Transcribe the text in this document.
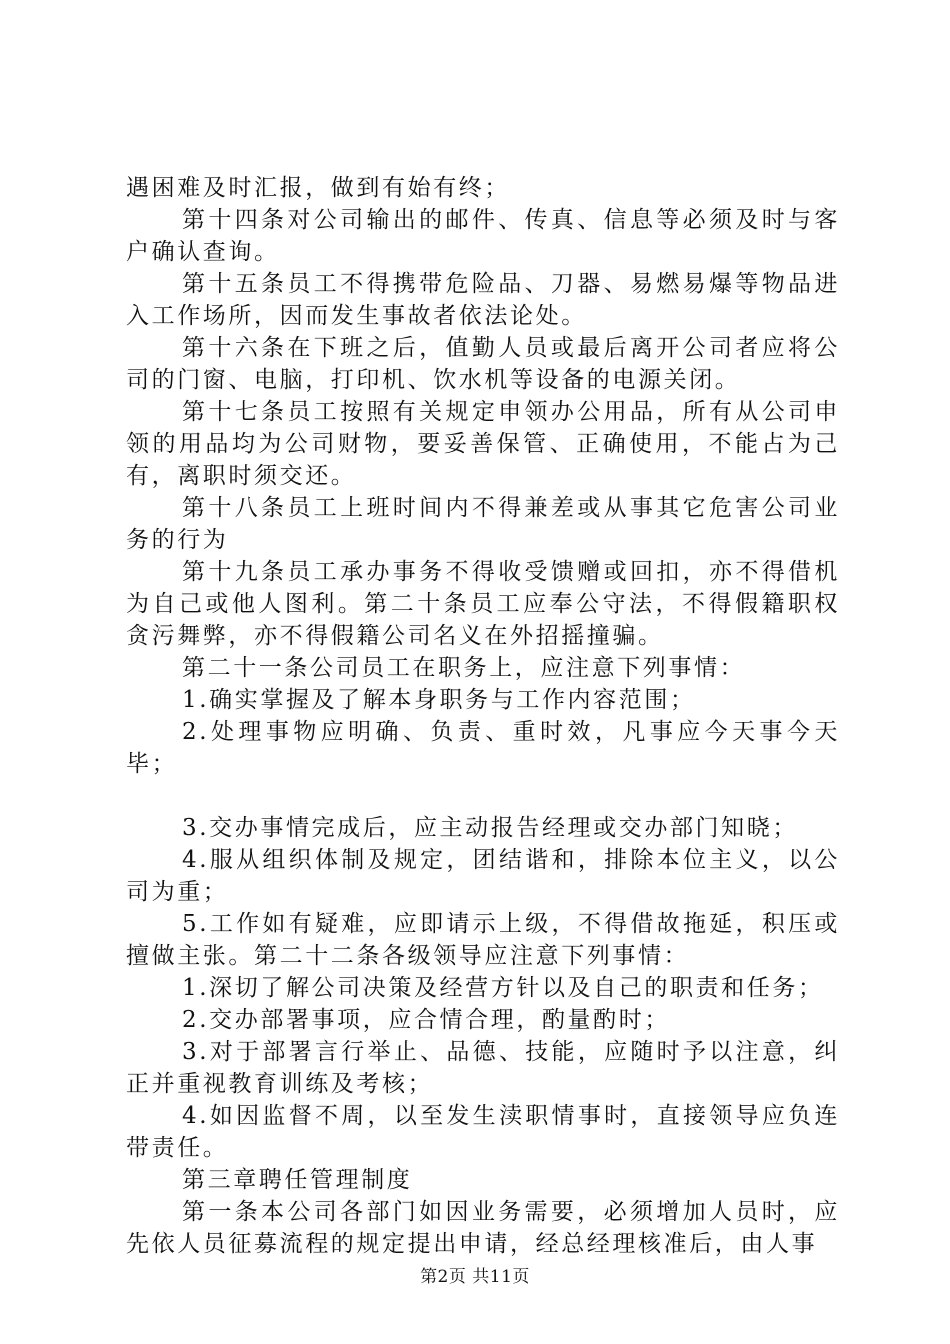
遇困难及时汇报，做到有始有终；

第十四条对公司输出的邮件、传真、信息等必须及时与客户确认查询。

第十五条员工不得携带危险品、刀器、易燃易爆等物品进入工作场所，因而发生事故者依法论处。

第十六条在下班之后，值勤人员或最后离开公司者应将公司的门窗、电脑，打印机、饮水机等设备的电源关闭。

第十七条员工按照有关规定申领办公用品，所有从公司申领的用品均为公司财物，要妥善保管、正确使用，不能占为己有，离职时须交还。

第十八条员工上班时间内不得兼差或从事其它危害公司业务的行为

第十九条员工承办事务不得收受馈赠或回扣，亦不得借机为自己或他人图利。第二十条员工应奉公守法，不得假籍职权贪污舞弊，亦不得假籍公司名义在外招摇撞骗。

第二十一条公司员工在职务上，应注意下列事情：

1.确实掌握及了解本身职务与工作内容范围；

2.处理事物应明确、负责、重时效，凡事应今天事今天毕；

3.交办事情完成后，应主动报告经理或交办部门知晓；

4.服从组织体制及规定，团结谐和，排除本位主义，以公司为重；

5.工作如有疑难，应即请示上级，不得借故拖延，积压或擅做主张。第二十二条各级领导应注意下列事情：

1.深切了解公司决策及经营方针以及自己的职责和任务；

2.交办部署事项，应合情合理，酌量酌时；

3.对于部署言行举止、品德、技能，应随时予以注意，纠正并重视教育训练及考核；

4.如因监督不周，以至发生渎职情事时，直接领导应负连带责任。

第三章聘任管理制度

第一条本公司各部门如因业务需要，必须增加人员时，应先依人员征募流程的规定提出申请，经总经理核准后，由人事

第2页 共11页
